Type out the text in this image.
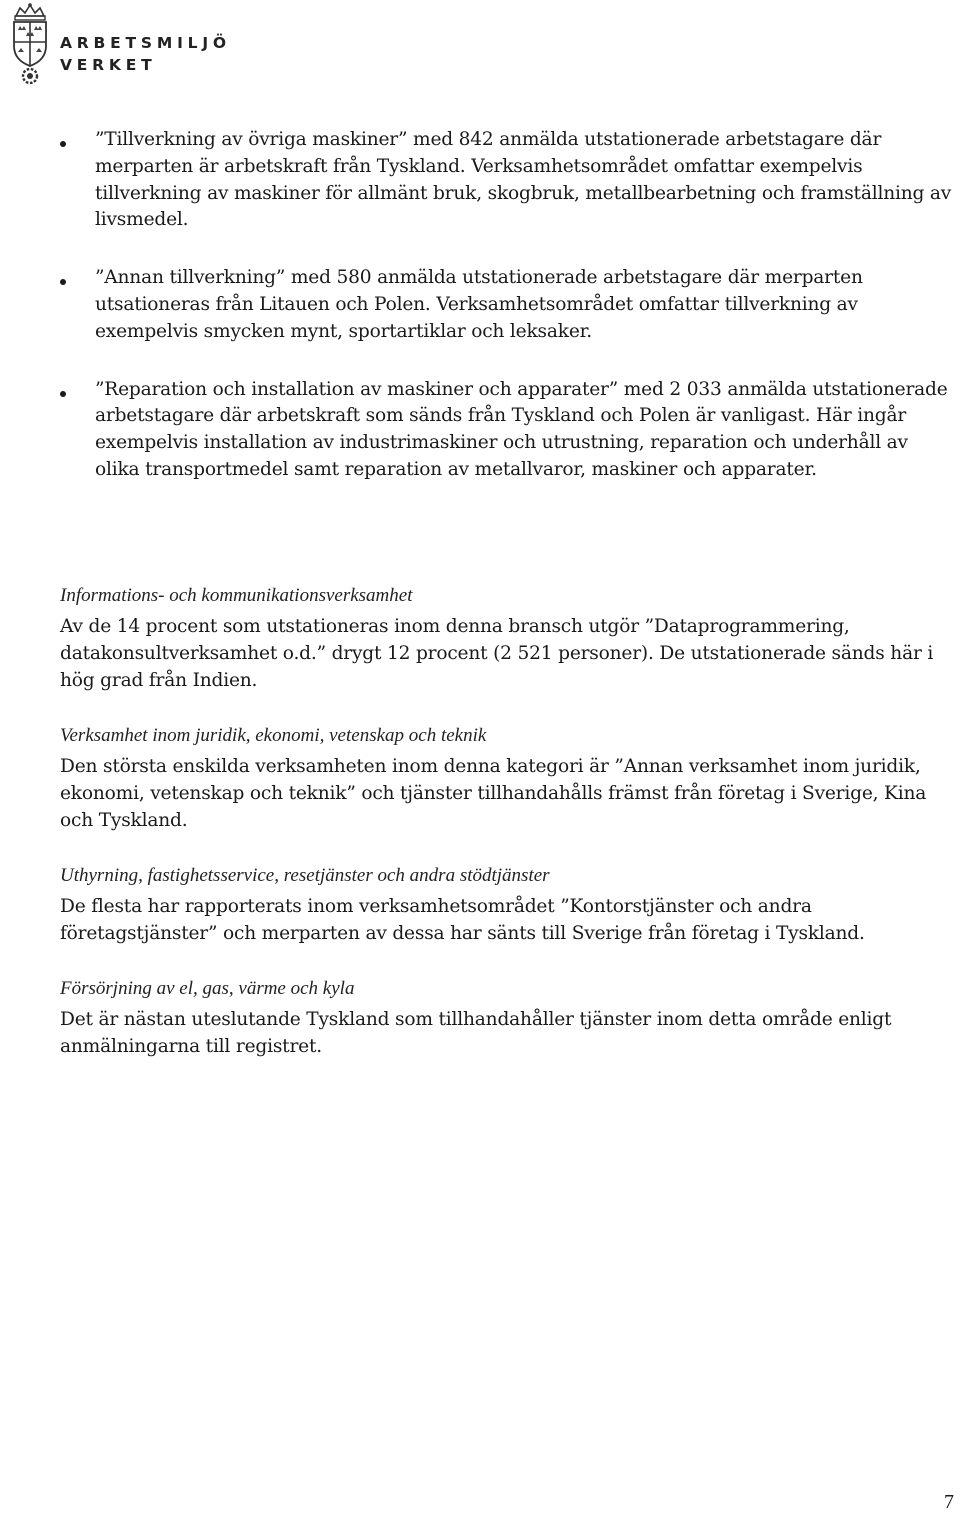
ARBETSMILJÖ
VERKET
”Tillverkning av övriga maskiner” med 842 anmälda utstationerade arbetstagare där merparten är arbetskraft från Tyskland. Verksamhetsområdet omfattar exempelvis tillverkning av maskiner för allmänt bruk, skogbruk, metallbearbetning och framställning av livsmedel.
”Annan tillverkning” med 580 anmälda utstationerade arbetstagare där merparten utsationeras från Litauen och Polen. Verksamhetsområdet omfattar tillverkning av exempelvis smycken mynt, sportartiklar och leksaker.
”Reparation och installation av maskiner och apparater” med 2 033 anmälda utstationerade arbetstagare där arbetskraft som sänds från Tyskland och Polen är vanligast. Här ingår exempelvis installation av industrimaskiner och utrustning, reparation och underhåll av olika transportmedel samt reparation av metallvaror, maskiner och apparater.
Informations- och kommunikationsverksamhet
Av de 14 procent som utstationeras inom denna bransch utgör ”Dataprogrammering, datakonsultverksamhet o.d.” drygt 12 procent (2 521 personer). De utstationerade sänds här i hög grad från Indien.
Verksamhet inom juridik, ekonomi, vetenskap och teknik
Den största enskilda verksamheten inom denna kategori är ”Annan verksamhet inom juridik, ekonomi, vetenskap och teknik” och tjänster tillhandahålls främst från företag i Sverige, Kina och Tyskland.
Uthyrning, fastighetsservice, resetjänster och andra stödtjänster
De flesta har rapporterats inom verksamhetsområdet ”Kontorstjänster och andra företagstjänster” och merparten av dessa har sänts till Sverige från företag i Tyskland.
Försörjning av el, gas, värme och kyla
Det är nästan uteslutande Tyskland som tillhandahåller tjänster inom detta område enligt anmälningarna till registret.
7
